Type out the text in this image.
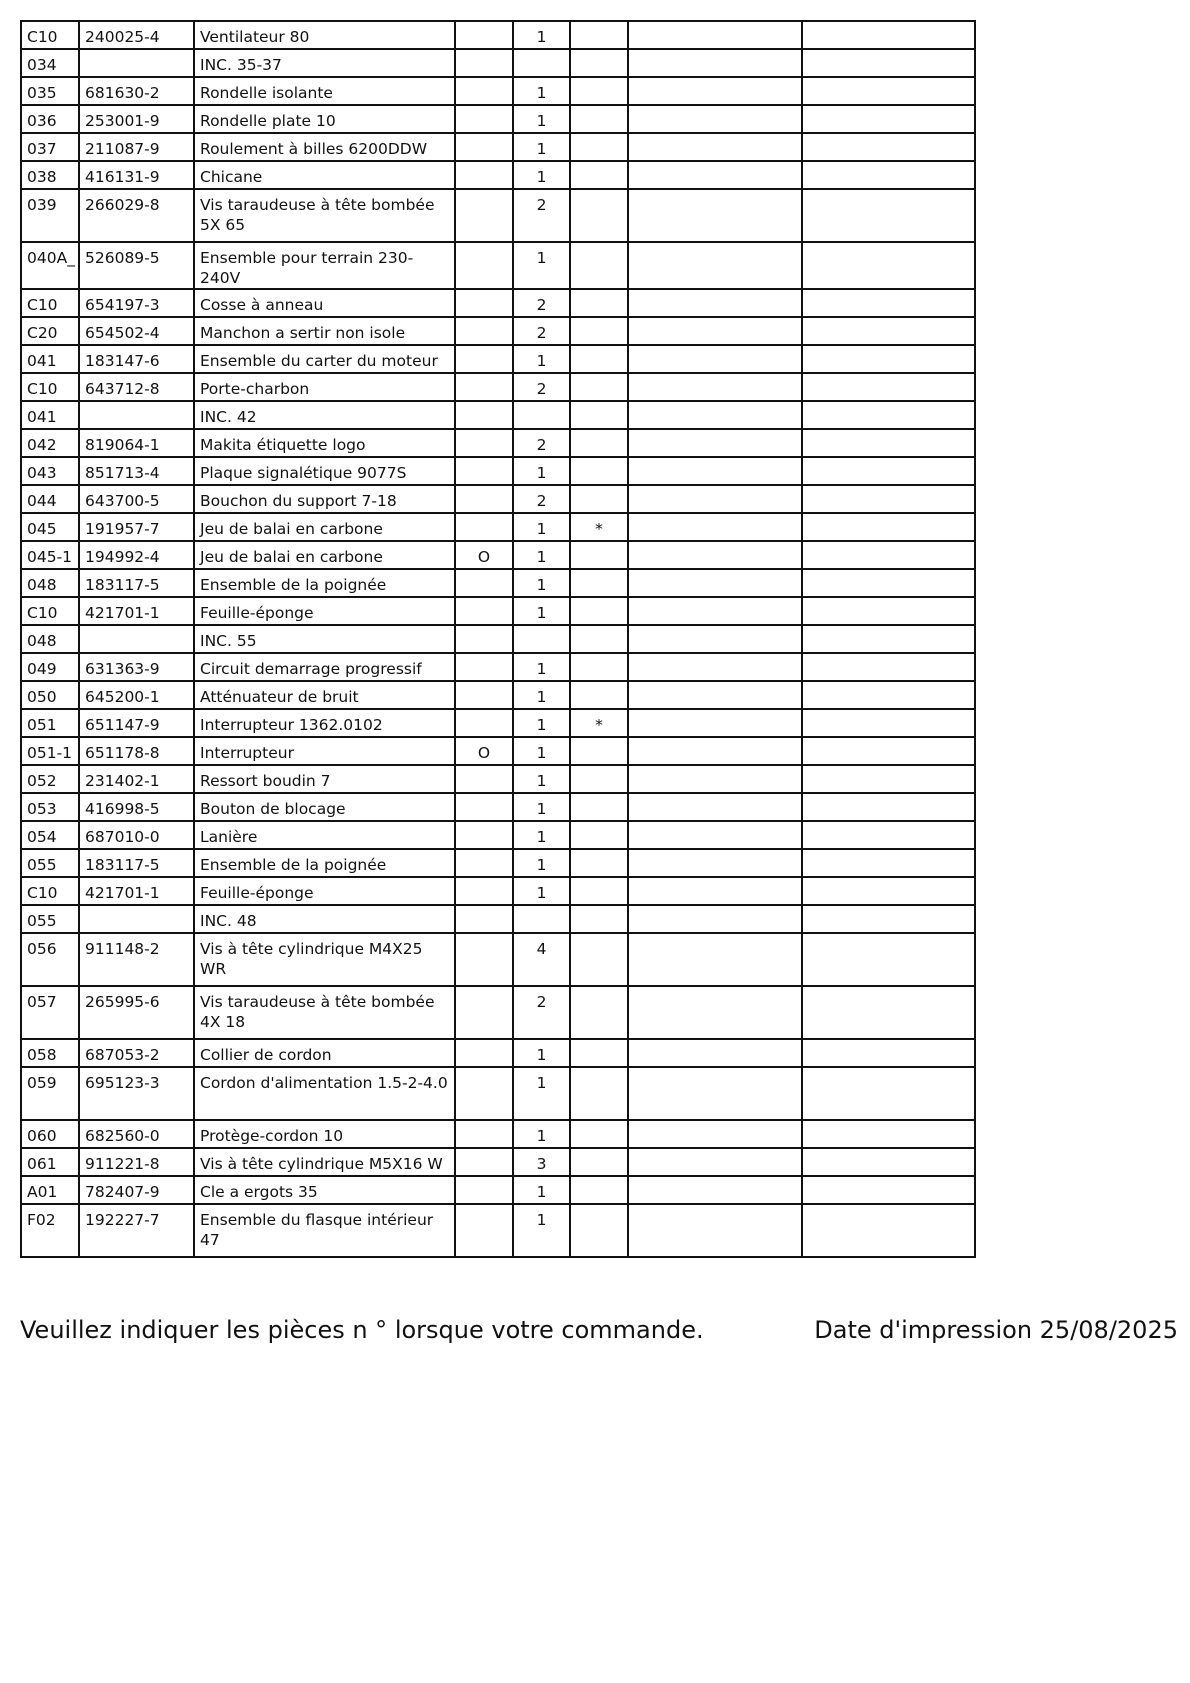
C10	240025-4	Ventilateur 80		1			
034		INC. 35-37					
035	681630-2	Rondelle isolante		1			
036	253001-9	Rondelle plate 10		1			
037	211087-9	Roulement à billes 6200DDW		1			
038	416131-9	Chicane		1			
039	266029-8	Vis taraudeuse à tête bombée 5X 65		2			
040A_	526089-5	Ensemble pour terrain 230-240V		1			
C10	654197-3	Cosse à anneau		2			
C20	654502-4	Manchon a sertir non isole		2			
041	183147-6	Ensemble du carter du moteur		1			
C10	643712-8	Porte-charbon		2			
041		INC. 42					
042	819064-1	Makita étiquette logo		2			
043	851713-4	Plaque signalétique 9077S		1			
044	643700-5	Bouchon du support 7-18		2			
045	191957-7	Jeu de balai en carbone		1	*		
045-1	194992-4	Jeu de balai en carbone	O	1			
048	183117-5	Ensemble de la poignée		1			
C10	421701-1	Feuille-éponge		1			
048		INC. 55					
049	631363-9	Circuit demarrage progressif		1			
050	645200-1	Atténuateur de bruit		1			
051	651147-9	Interrupteur 1362.0102		1	*		
051-1	651178-8	Interrupteur	O	1			
052	231402-1	Ressort boudin 7		1			
053	416998-5	Bouton de blocage		1			
054	687010-0	Lanière		1			
055	183117-5	Ensemble de la poignée		1			
C10	421701-1	Feuille-éponge		1			
055		INC. 48					
056	911148-2	Vis à tête cylindrique M4X25 WR		4			
057	265995-6	Vis taraudeuse à tête bombée 4X 18		2			
058	687053-2	Collier de cordon		1			
059	695123-3	Cordon d'alimentation 1.5-2-4.0		1			
060	682560-0	Protège-cordon 10		1			
061	911221-8	Vis à tête cylindrique M5X16 W		3			
A01	782407-9	Cle a ergots 35		1			
F02	192227-7	Ensemble du flasque intérieur 47		1			
Veuillez indiquer les pièces n ° lorsque votre commande.	Date d'impression 25/08/2025
